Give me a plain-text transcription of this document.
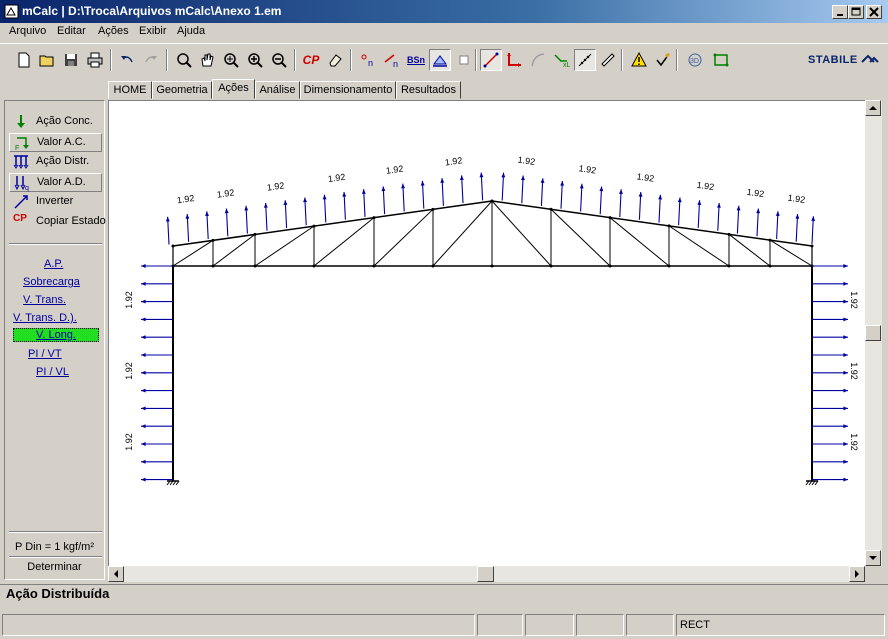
mCalc | D:\Troca\Arquivos mCalc\Anexo 1.em
Arquivo Editar Ações Exibir Ajuda
CP	n n BSn
xL
3D	STABILE
HOME Geometria Ações Análise Dimensionamento Resultados
Ação Conc.
F
Valor A.C.
Ação Distr.
q
Valor A.D.
Inverter
CP Copiar Estado
A.P.
Sobrecarga
V. Trans.
V. Trans. D.).
V. Long.
PI / VT
PI / VL
P Din = 1 kgf/m²
Determinar
1.92 1.92
1.92
1.92
1.92
1.92	1.92
1.92
1.92
1.92
1.92 1.92
1.92	1.92
1.92	1.92
1.92	1.92
Ação Distribuída
RECT
